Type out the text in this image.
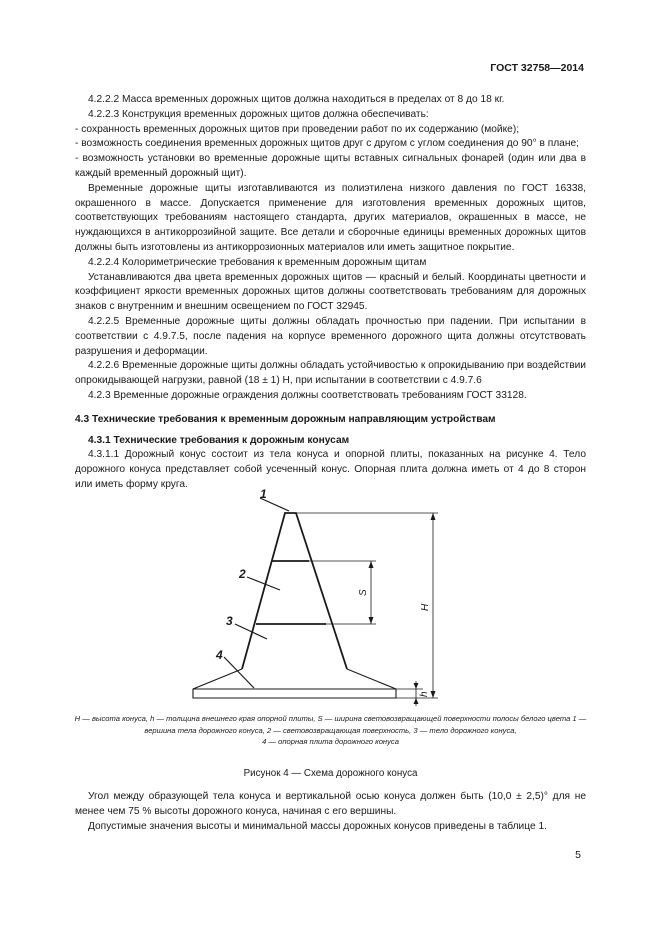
ГОСТ 32758—2014

4.2.2.2 Масса временных дорожных щитов должна находиться в пределах от 8 до 18 кг.

4.2.2.3 Конструкция временных дорожных щитов должна обеспечивать:

- сохранность временных дорожных щитов при проведении работ по их содержанию (мойке);

- возможность соединения временных дорожных щитов друг с другом с углом соединения до 90° в плане;

- возможность установки во временные дорожные щиты вставных сигнальных фонарей (один или два в каждый временный дорожный щит).

Временные дорожные щиты изготавливаются из полиэтилена низкого давления по ГОСТ 16338, окрашенного в массе. Допускается применение для изготовления временных дорожных щитов, соответствующих требованиям настоящего стандарта, других материалов, окрашенных в массе, не нуждающихся в антикоррозийной защите. Все детали и сборочные единицы временных дорожных щитов должны быть изготовлены из антикоррозионных материалов или иметь защитное покрытие.

4.2.2.4 Колориметрические требования к временным дорожным щитам

Устанавливаются два цвета временных дорожных щитов — красный и белый. Координаты цветности и коэффициент яркости временных дорожных щитов должны соответствовать требованиям для дорожных знаков с внутренним и внешним освещением по ГОСТ 32945.

4.2.2.5 Временные дорожные щиты должны обладать прочностью при падении. При испытании в соответствии с 4.9.7.5, после падения на корпусе временного дорожного щита должны отсутствовать разрушения и деформации.

4.2.2.6 Временные дорожные щиты должны обладать устойчивостью к опрокидыванию при воздействии опрокидывающей нагрузки, равной (18 ± 1) Н, при испытании в соответствии с 4.9.7.6

4.2.3 Временные дорожные ограждения должны соответствовать требованиям ГОСТ 33128.

4.3 Технические требования к временным дорожным направляющим устройствам

4.3.1 Технические требования к дорожным конусам

4.3.1.1 Дорожный конус состоит из тела конуса и опорной плиты, показанных на рисунке 4. Тело дорожного конуса представляет собой усеченный конус. Опорная плита должна иметь от 4 до 8 сторон или иметь форму круга.

1
2
3
4
H
S
h
Н — высота конуса, h — толщина внешнего края опорной плиты, S — ширина световозвращающей поверхности полосы белого цвета 1 — вершина тела дорожного конуса, 2 — световозвращающая поверхность, 3 — тело дорожного конуса,
4 — опорная плита дорожного конуса
Рисунок 4 — Схема дорожного конуса

Угол между образующей тела конуса и вертикальной осью конуса должен быть (10,0 ± 2,5)° для не менее чем 75 % высоты дорожного конуса, начиная с его вершины.

Допустимые значения высоты и минимальной массы дорожных конусов приведены в таблице 1.

5
